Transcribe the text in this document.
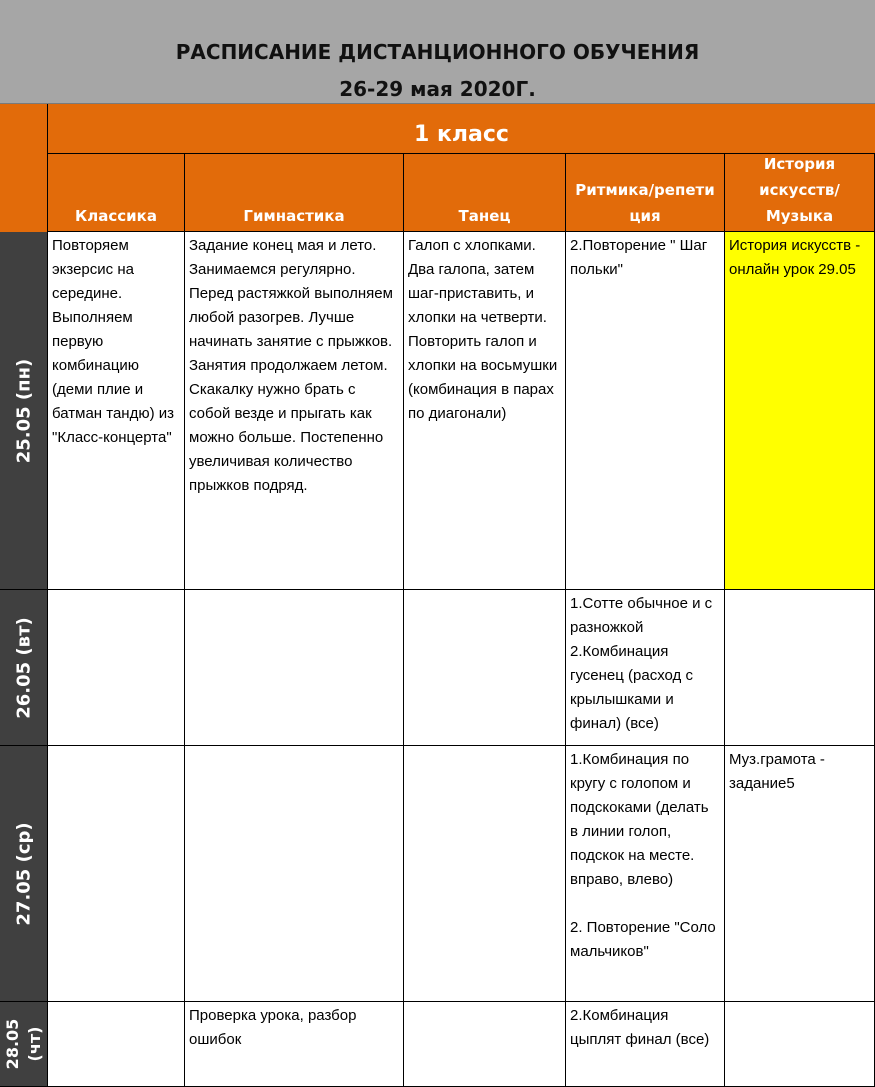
РАСПИСАНИЕ ДИСТАНЦИОННОГО ОБУЧЕНИЯ
26-29 мая 2020Г.
1 класс
Классика	Гимнастика	Танец
Ритмика/репети
ция
История
искусств/
Музыка
25.05 (пн)
Повторяем экзерсис на середине. Выполняем первую комбинацию (деми плие и батман тандю) из "Класс-концерта"
Задание конец мая и лето. Занимаемся регулярно. Перед растяжкой выполняем любой разогрев. Лучше начинать занятие с прыжков. Занятия продолжаем летом. Скакалку нужно брать с собой везде и прыгать как можно больше. Постепенно увеличивая количество прыжков подряд.
Галоп с хлопками. Два галопа, затем шаг-приставить, и хлопки на четверти. Повторить галоп и хлопки на восьмушки (комбинация в парах по диагонали)
2.Повторение " Шаг польки"
История искусств - онлайн урок 29.05
26.05 (вт)
1.Сотте обычное и с разножкой
2.Комбинация гусенец (расход с крылышками и финал) (все)
27.05 (ср)
1.Комбинация по кругу с голопом и подскоками (делать в линии голоп, подскок на месте. вправо, влево)

2. Повторение "Соло мальчиков"
Муз.грамота - задание5
28.05 (чт)
Проверка урока, разбор ошибок
2.Комбинация цыплят финал (все)
